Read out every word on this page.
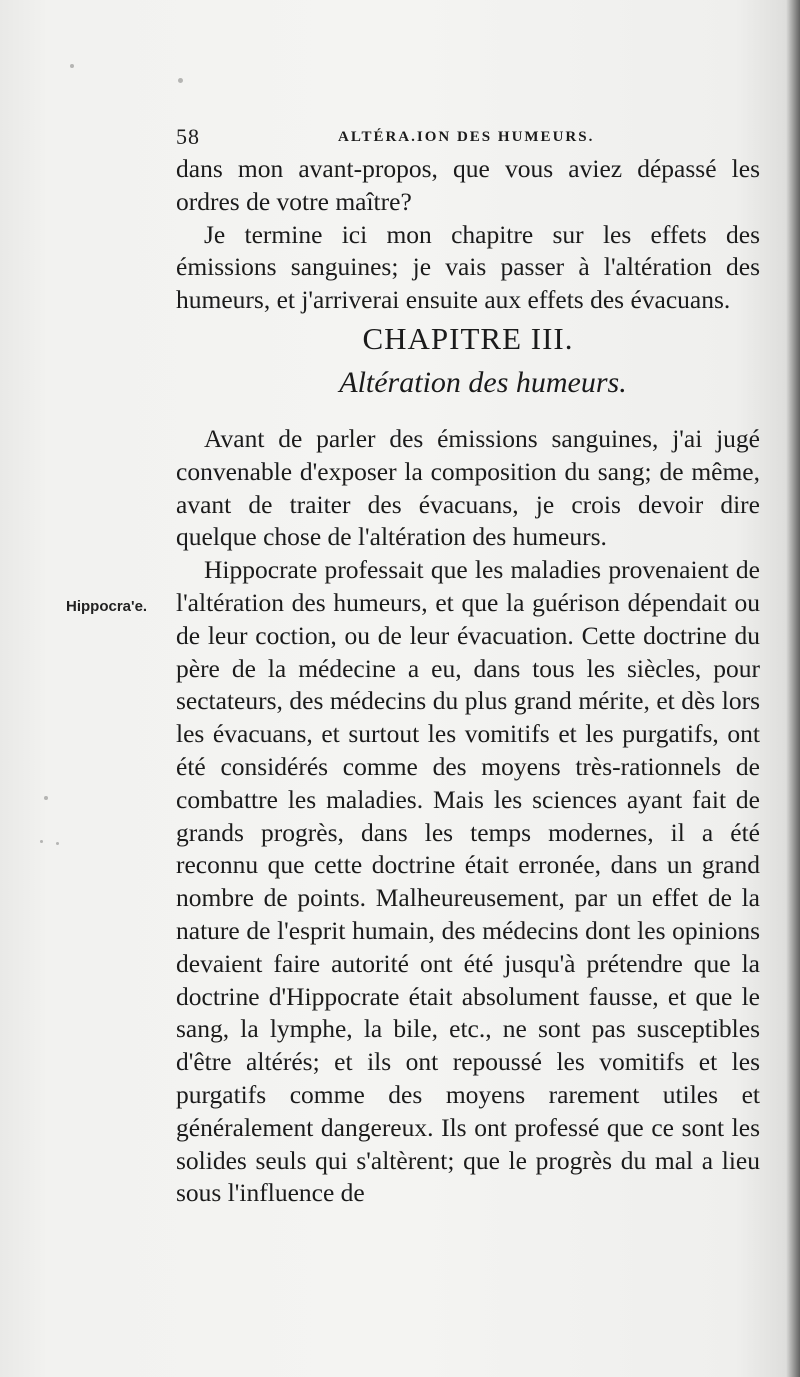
58	ALTÉRA.ION DES HUMEURS.
Hippocra'e.

dans mon avant-propos, que vous aviez dépassé les ordres de votre maître?

Je termine ici mon chapitre sur les effets des émissions sanguines; je vais passer à l'altération des humeurs, et j'arriverai ensuite aux effets des évacuans.

CHAPITRE III.
Altération des humeurs.

Avant de parler des émissions sanguines, j'ai jugé convenable d'exposer la composition du sang; de même, avant de traiter des évacuans, je crois devoir dire quelque chose de l'altération des humeurs.

Hippocrate professait que les maladies provenaient de l'altération des humeurs, et que la guérison dépendait ou de leur coction, ou de leur évacuation. Cette doctrine du père de la médecine a eu, dans tous les siècles, pour sectateurs, des médecins du plus grand mérite, et dès lors les évacuans, et surtout les vomitifs et les purgatifs, ont été considérés comme des moyens très-rationnels de combattre les maladies. Mais les sciences ayant fait de grands progrès, dans les temps modernes, il a été reconnu que cette doctrine était erronée, dans un grand nombre de points. Malheureusement, par un effet de la nature de l'esprit humain, des médecins dont les opinions devaient faire autorité ont été jusqu'à prétendre que la doctrine d'Hippocrate était absolument fausse, et que le sang, la lymphe, la bile, etc., ne sont pas susceptibles d'être altérés; et ils ont repoussé les vomitifs et les purgatifs comme des moyens rarement utiles et généralement dangereux. Ils ont professé que ce sont les solides seuls qui s'altèrent; que le progrès du mal a lieu sous l'influence de
